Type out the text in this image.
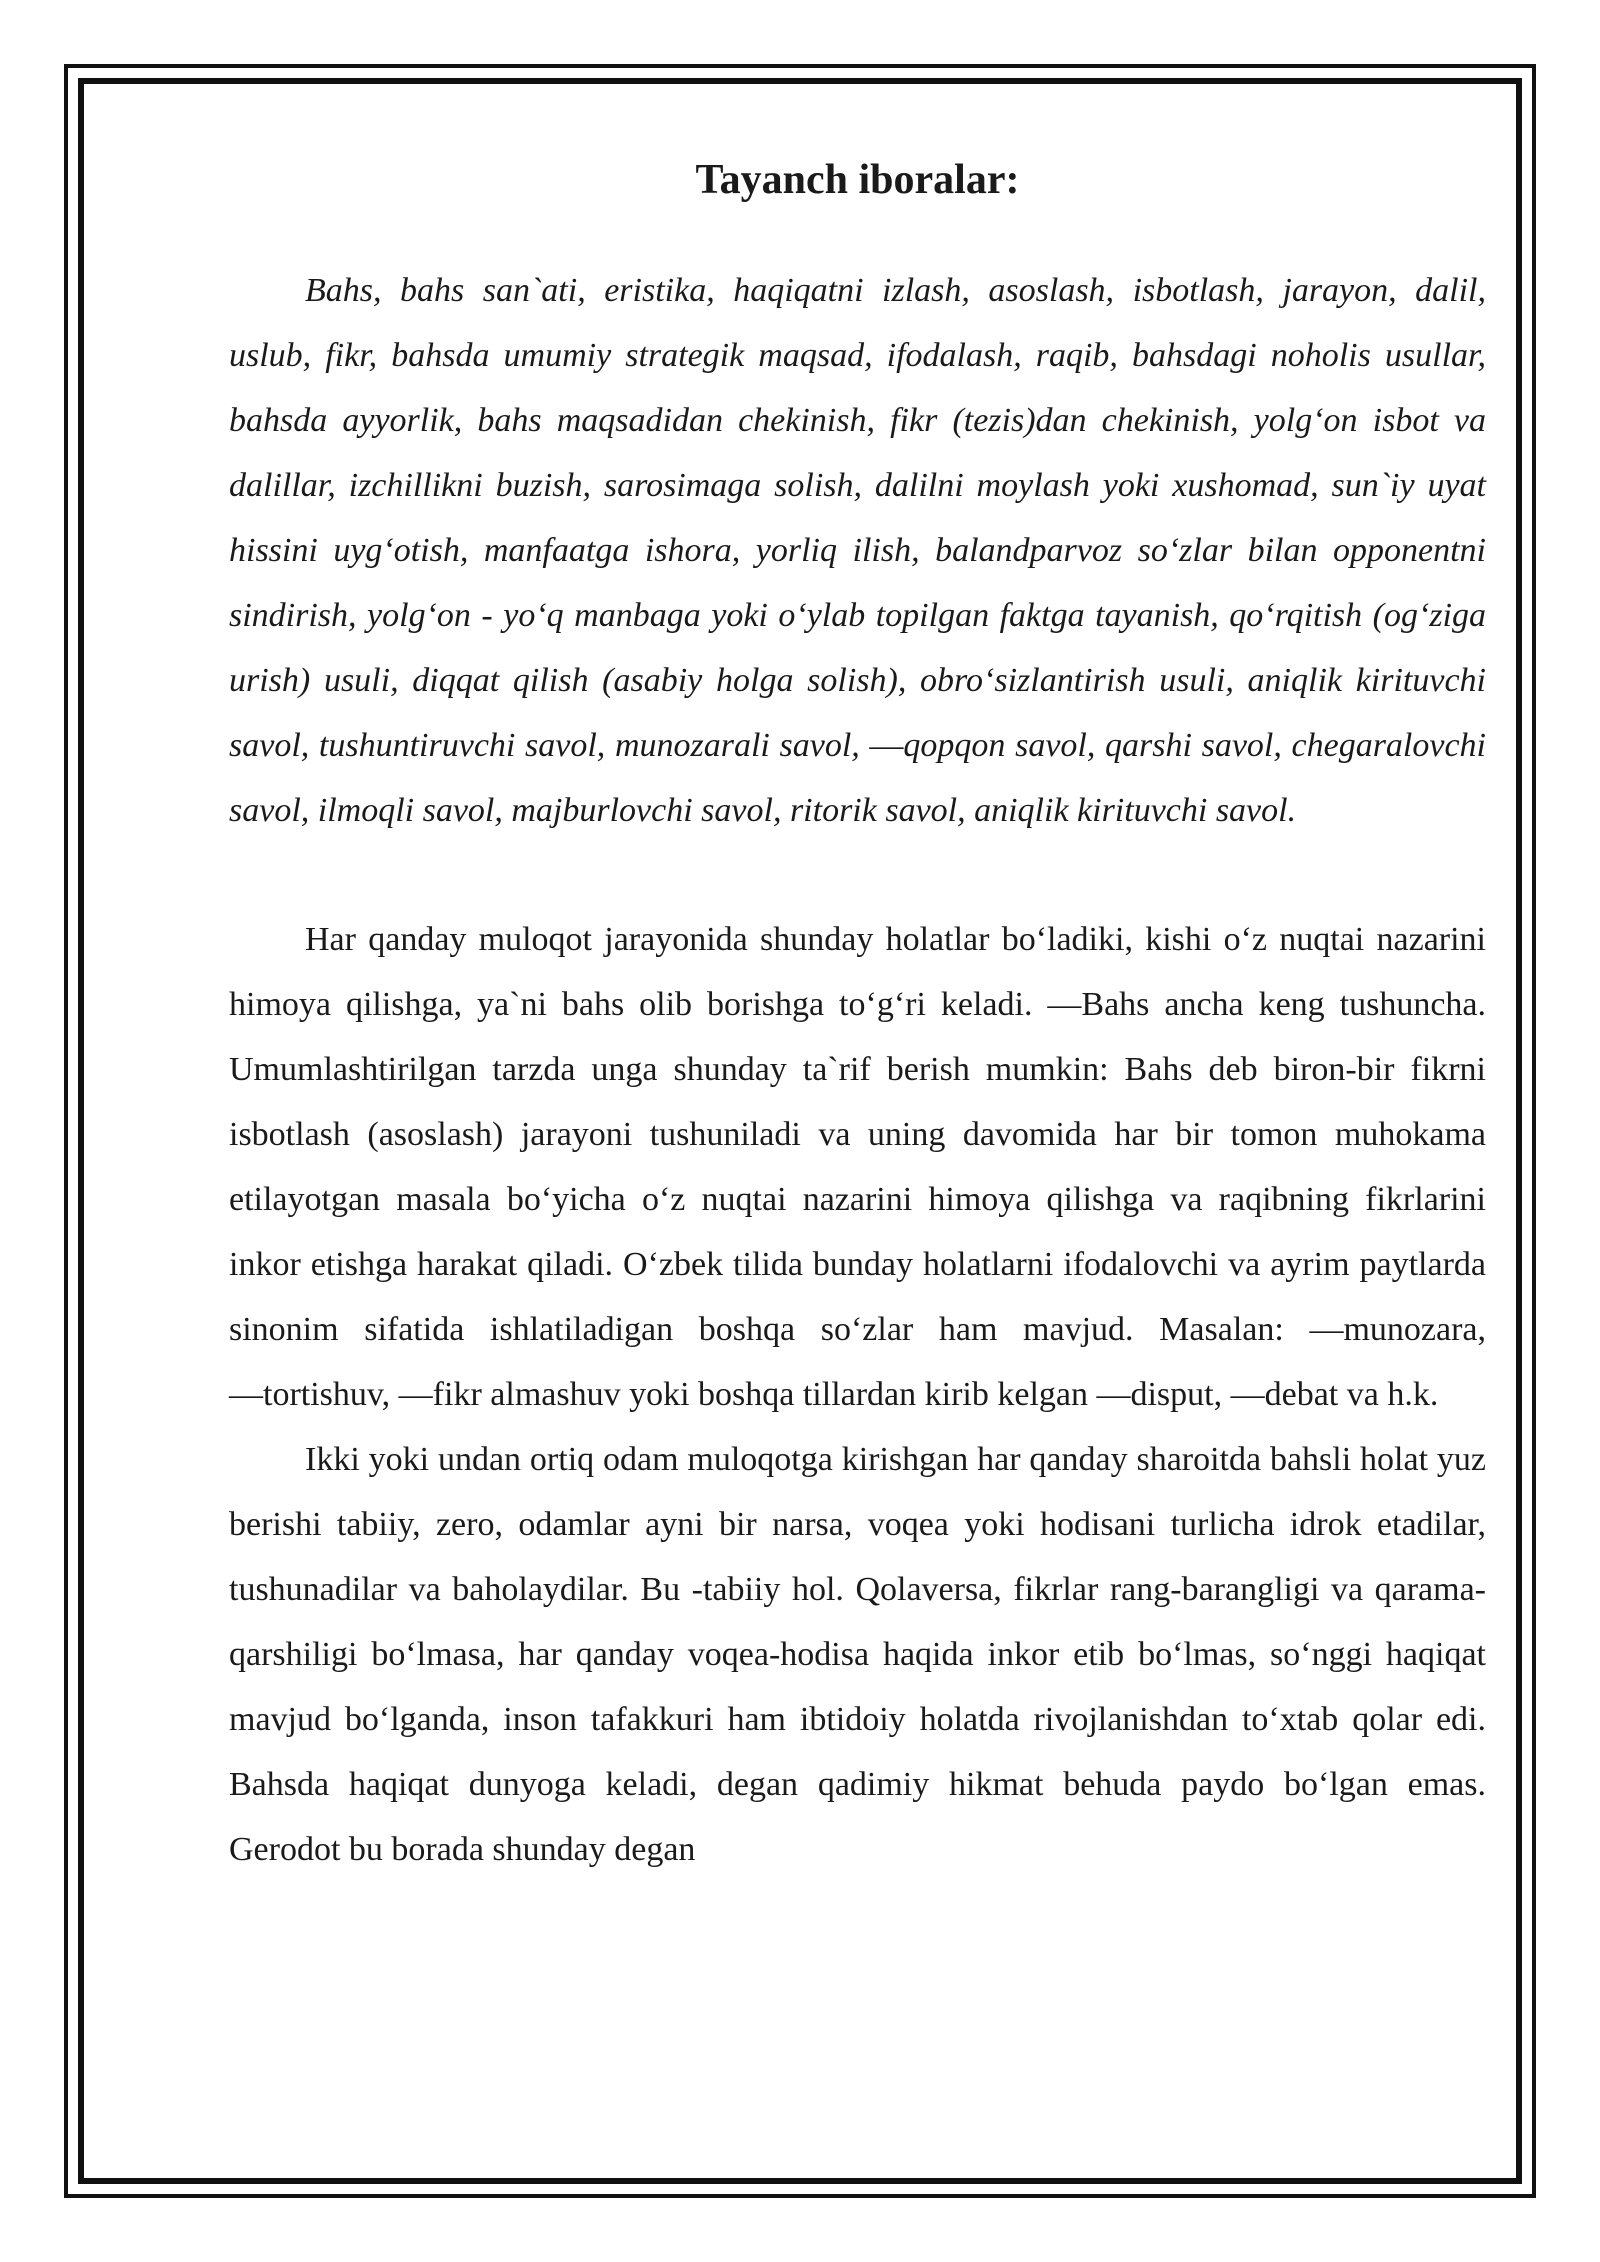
Tayanch iboralar:

Bahs, bahs san`ati, eristika, haqiqatni izlash, asoslash, isbotlash, jarayon, dalil, uslub, fikr, bahsda umumiy strategik maqsad, ifodalash, raqib, bahsdagi noholis usullar, bahsda ayyorlik, bahs maqsadidan chekinish, fikr (tezis)dan chekinish, yolg‘on isbot va dalillar, izchillikni buzish, sarosimaga solish, dalilni moylash yoki xushomad, sun`iy uyat hissini uyg‘otish, manfaatga ishora, yorliq ilish, balandparvoz so‘zlar bilan opponentni sindirish, yolg‘on - yo‘q manbaga yoki o‘ylab topilgan faktga tayanish, qo‘rqitish (og‘ziga urish) usuli, diqqat qilish (asabiy holga solish), obro‘sizlantirish usuli, aniqlik kirituvchi savol, tushuntiruvchi savol, munozarali savol, ―qopqon savol, qarshi savol, chegaralovchi savol, ilmoqli savol, majburlovchi savol, ritorik savol, aniqlik kirituvchi savol.

Har qanday muloqot jarayonida shunday holatlar bo‘ladiki, kishi o‘z nuqtai nazarini himoya qilishga, ya`ni bahs olib borishga to‘g‘ri keladi. ―Bahs ancha keng tushuncha. Umumlashtirilgan tarzda unga shunday ta`rif berish mumkin: Bahs deb biron-bir fikrni isbotlash (asoslash) jarayoni tushuniladi va uning davomida har bir tomon muhokama etilayotgan masala bo‘yicha o‘z nuqtai nazarini himoya qilishga va raqibning fikrlarini inkor etishga harakat qiladi. O‘zbek tilida bunday holatlarni ifodalovchi va ayrim paytlarda sinonim sifatida ishlatiladigan boshqa so‘zlar ham mavjud. Masalan: ―munozara, ―tortishuv, ―fikr almashuv yoki boshqa tillardan kirib kelgan ―disput, ―debat va h.k.

Ikki yoki undan ortiq odam muloqotga kirishgan har qanday sharoitda bahsli holat yuz berishi tabiiy, zero, odamlar ayni bir narsa, voqea yoki hodisani turlicha idrok etadilar, tushunadilar va baholaydilar. Bu -tabiiy hol. Qolaversa, fikrlar rang-barangligi va qarama-qarshiligi bo‘lmasa, har qanday voqea-hodisa haqida inkor etib bo‘lmas, so‘nggi haqiqat mavjud bo‘lganda, inson tafakkuri ham ibtidoiy holatda rivojlanishdan to‘xtab qolar edi. Bahsda haqiqat dunyoga keladi, degan qadimiy hikmat behuda paydo bo‘lgan emas. Gerodot bu borada shunday degan
